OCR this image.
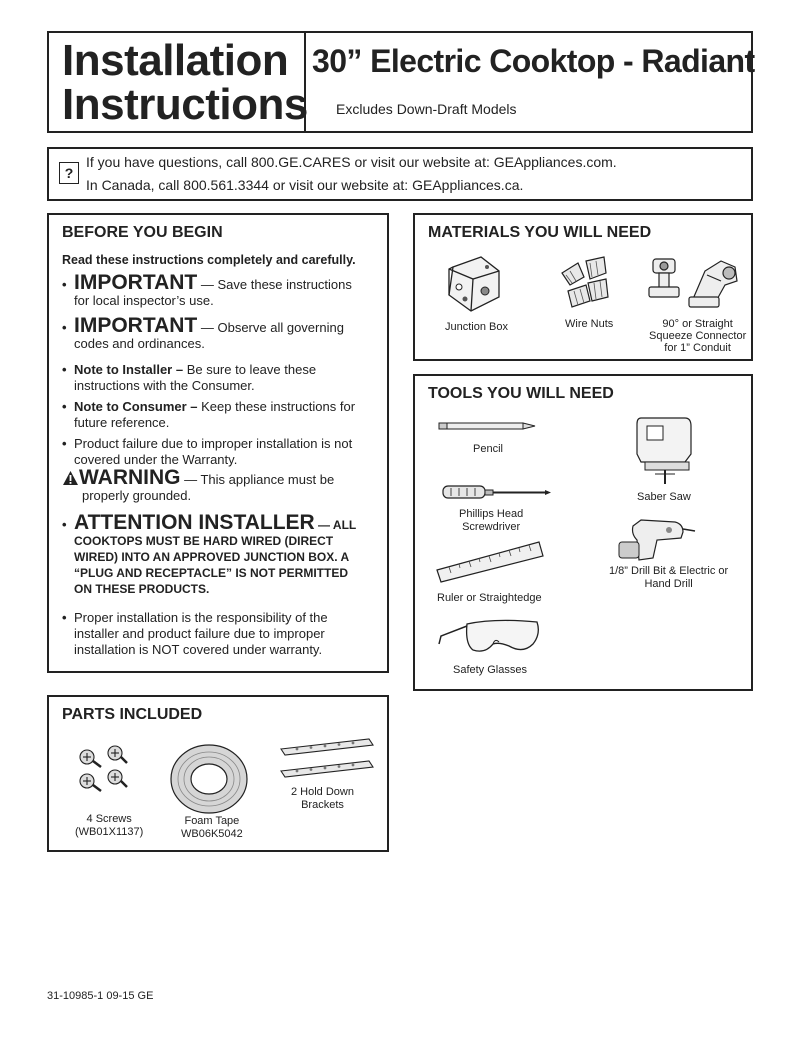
Installation
Instructions
30” Electric Cooktop - Radiant
Excludes Down-Draft Models
?
If you have questions, call 800.GE.CARES or visit our website at: GEAppliances.com.
In Canada, call 800.561.3344 or visit our website at: GEAppliances.ca.
BEFORE YOU BEGIN
Read these instructions completely and carefully.
• IMPORTANT — Save these instructions
for local inspector’s use.
• IMPORTANT — Observe all governing
codes and ordinances.
• Note to Installer – Be sure to leave these
instructions with the Consumer.
• Note to Consumer – Keep these instructions for
future reference.
• Product failure due to improper installation is not
covered under the Warranty.
WARNING — This appliance must be
properly grounded.
• ATTENTION INSTALLER — ALL
COOKTOPS MUST BE HARD WIRED (DIRECT
WIRED) INTO AN APPROVED JUNCTION BOX. A
“PLUG AND RECEPTACLE” IS NOT PERMITTED
ON THESE PRODUCTS.
• Proper installation is the responsibility of the
installer and product failure due to improper
installation is NOT covered under warranty.
MATERIALS YOU WILL NEED
Junction Box	Wire Nuts	90° or Straight
Squeeze Connector
for 1” Conduit
TOOLS YOU WILL NEED
Pencil
Saber Saw
Phillips Head
Screwdriver
1/8” Drill Bit & Electric or
Hand Drill
Ruler or Straightedge
Safety Glasses
PARTS INCLUDED
4 Screws
(WB01X1137)
Foam Tape
WB06K5042
2 Hold Down
Brackets
31-10985-1 09-15 GE
